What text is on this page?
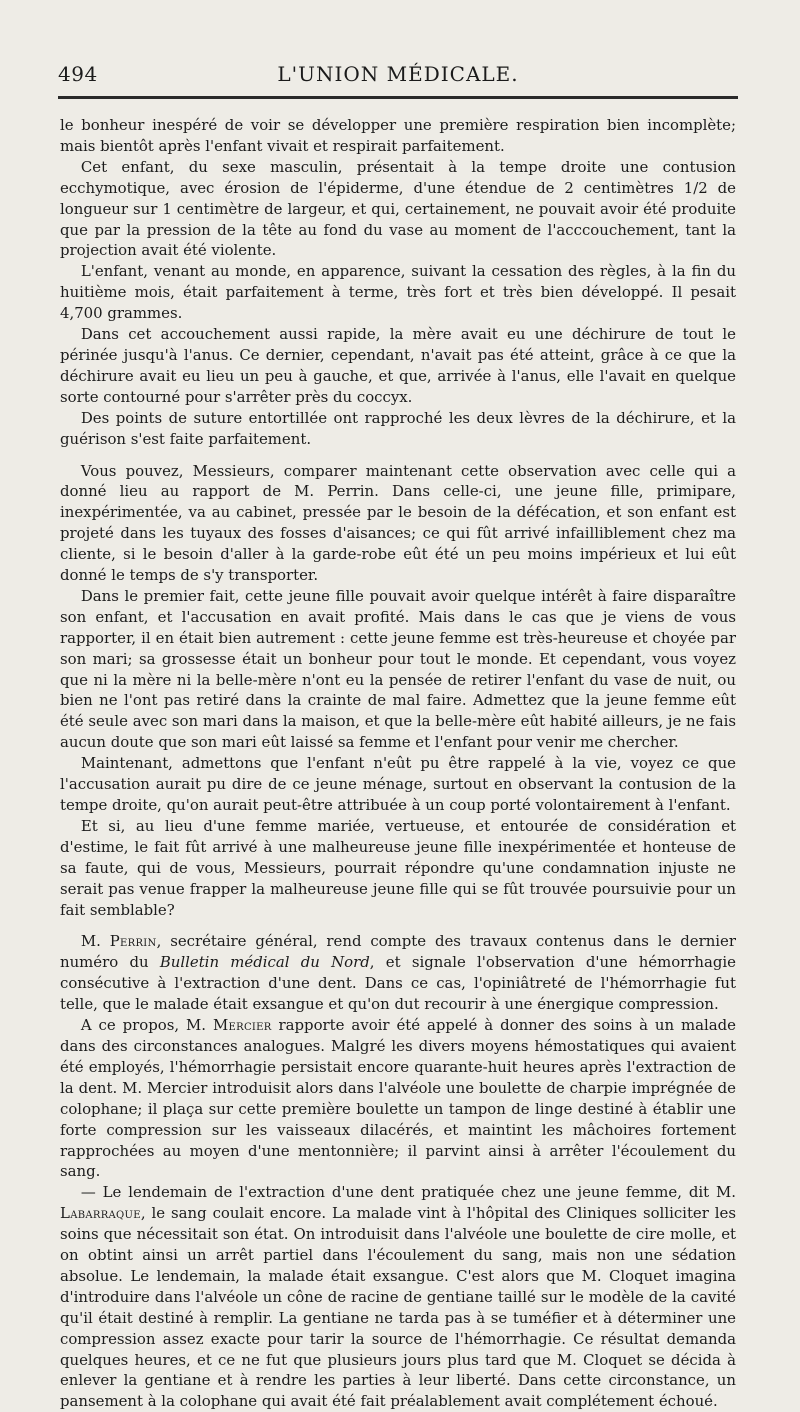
494	L'UNION MÉDICALE.

le bonheur inespéré de voir se développer une première respiration bien incomplète; mais bientôt après l'enfant vivait et respirait parfaitement.

Cet enfant, du sexe masculin, présentait à la tempe droite une contusion ecchymotique, avec érosion de l'épiderme, d'une étendue de 2 centimètres 1/2 de longueur sur 1 centimètre de largeur, et qui, certainement, ne pouvait avoir été produite que par la pression de la tête au fond du vase au moment de l'acccouchement, tant la projection avait été violente.

L'enfant, venant au monde, en apparence, suivant la cessation des règles, à la fin du huitième mois, était parfaitement à terme, très fort et très bien développé. Il pesait 4,700 grammes.

Dans cet accouchement aussi rapide, la mère avait eu une déchirure de tout le périnée jusqu'à l'anus. Ce dernier, cependant, n'avait pas été atteint, grâce à ce que la déchirure avait eu lieu un peu à gauche, et que, arrivée à l'anus, elle l'avait en quelque sorte contourné pour s'arrêter près du coccyx.

Des points de suture entortillée ont rapproché les deux lèvres de la déchirure, et la guérison s'est faite parfaitement.

Vous pouvez, Messieurs, comparer maintenant cette observation avec celle qui a donné lieu au rapport de M. Perrin. Dans celle-ci, une jeune fille, primipare, inexpérimentée, va au cabinet, pressée par le besoin de la défécation, et son enfant est projeté dans les tuyaux des fosses d'aisances; ce qui fût arrivé infailliblement chez ma cliente, si le besoin d'aller à la garde-robe eût été un peu moins impérieux et lui eût donné le temps de s'y transporter.

Dans le premier fait, cette jeune fille pouvait avoir quelque intérêt à faire disparaître son enfant, et l'accusation en avait profité. Mais dans le cas que je viens de vous rapporter, il en était bien autrement : cette jeune femme est très-heureuse et choyée par son mari; sa grossesse était un bonheur pour tout le monde. Et cependant, vous voyez que ni la mère ni la belle-mère n'ont eu la pensée de retirer l'enfant du vase de nuit, ou bien ne l'ont pas retiré dans la crainte de mal faire. Admettez que la jeune femme eût été seule avec son mari dans la maison, et que la belle-mère eût habité ailleurs, je ne fais aucun doute que son mari eût laissé sa femme et l'enfant pour venir me chercher.

Maintenant, admettons que l'enfant n'eût pu être rappelé à la vie, voyez ce que l'accusation aurait pu dire de ce jeune ménage, surtout en observant la contusion de la tempe droite, qu'on aurait peut-être attribuée à un coup porté volontairement à l'enfant.

Et si, au lieu d'une femme mariée, vertueuse, et entourée de considération et d'estime, le fait fût arrivé à une malheureuse jeune fille inexpérimentée et honteuse de sa faute, qui de vous, Messieurs, pourrait répondre qu'une condamnation injuste ne serait pas venue frapper la malheureuse jeune fille qui se fût trouvée poursuivie pour un fait semblable?

M. Perrin, secrétaire général, rend compte des travaux contenus dans le dernier numéro du Bulletin médical du Nord, et signale l'observation d'une hémorrhagie consécutive à l'extraction d'une dent. Dans ce cas, l'opiniâtreté de l'hémorrhagie fut telle, que le malade était exsangue et qu'on dut recourir à une énergique compression.

A ce propos, M. Mercier rapporte avoir été appelé à donner des soins à un malade dans des circonstances analogues. Malgré les divers moyens hémostatiques qui avaient été employés, l'hémorrhagie persistait encore quarante-huit heures après l'extraction de la dent. M. Mercier introduisit alors dans l'alvéole une boulette de charpie imprégnée de colophane; il plaça sur cette première boulette un tampon de linge destiné à établir une forte compression sur les vaisseaux dilacérés, et maintint les mâchoires fortement rapprochées au moyen d'une mentonnière; il parvint ainsi à arrêter l'écoulement du sang.

— Le lendemain de l'extraction d'une dent pratiquée chez une jeune femme, dit M. Labarraque, le sang coulait encore. La malade vint à l'hôpital des Cliniques solliciter les soins que nécessitait son état. On introduisit dans l'alvéole une boulette de cire molle, et on obtint ainsi un arrêt partiel dans l'écoulement du sang, mais non une sédation absolue. Le lendemain, la malade était exsangue. C'est alors que M. Cloquet imagina d'introduire dans l'alvéole un cône de racine de gentiane taillé sur le modèle de la cavité qu'il était destiné à remplir. La gentiane ne tarda pas à se tuméfier et à déterminer une compression assez exacte pour tarir la source de l'hémorrhagie. Ce résultat demanda quelques heures, et ce ne fut que plusieurs jours plus tard que M. Cloquet se décida à enlever la gentiane et à rendre les parties à leur liberté. Dans cette circonstance, un pansement à la colophane qui avait été fait préalablement avait complétement échoué.
